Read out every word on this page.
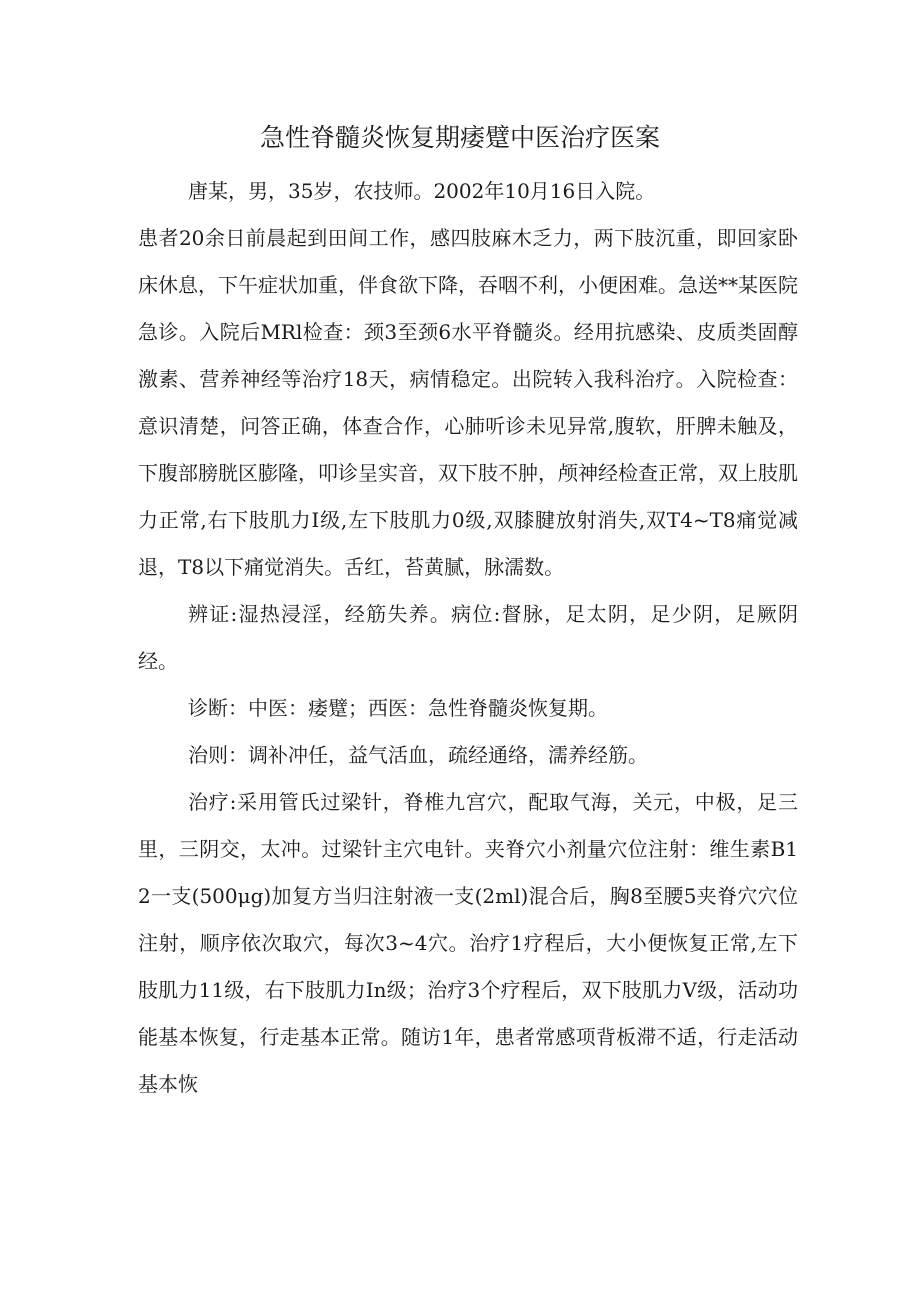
急性脊髓炎恢复期痿躄中医治疗医案

唐某，男，35岁，农技师。2002年10月16日入院。

患者20余日前晨起到田间工作，感四肢麻木乏力，两下肢沉重，即回家卧床休息，下午症状加重，伴食欲下降，吞咽不利，小便困难。急送**某医院急诊。入院后MRl检查：颈3至颈6水平脊髓炎。经用抗感染、皮质类固醇激素、营养神经等治疗18天，病情稳定。出院转入我科治疗。入院检查：意识清楚，问答正确，体查合作，心肺听诊未见异常,腹软，肝脾未触及，下腹部膀胱区膨隆，叩诊呈实音，双下肢不肿，颅神经检查正常，双上肢肌力正常,右下肢肌力I级,左下肢肌力0级,双膝腱放射消失,双T4~T8痛觉减退，T8以下痛觉消失。舌红，苔黄腻，脉濡数。

辨证:湿热浸淫，经筋失养。病位:督脉，足太阴，足少阴，足厥阴经。

诊断：中医：痿躄；西医：急性脊髓炎恢复期。

治则：调补冲任，益气活血，疏经通络，濡养经筋。

治疗:采用管氏过梁针，脊椎九宫穴，配取气海，关元，中极，足三里，三阴交，太冲。过梁针主穴电针。夹脊穴小剂量穴位注射：维生素B12一支(500μg)加复方当归注射液一支(2ml)混合后，胸8至腰5夹脊穴穴位注射，顺序依次取穴，每次3~4穴。治疗1疗程后，大小便恢复正常,左下肢肌力11级，右下肢肌力In级；治疗3个疗程后，双下肢肌力V级，活动功能基本恢复，行走基本正常。随访1年，患者常感项背板滞不适，行走活动基本恢
